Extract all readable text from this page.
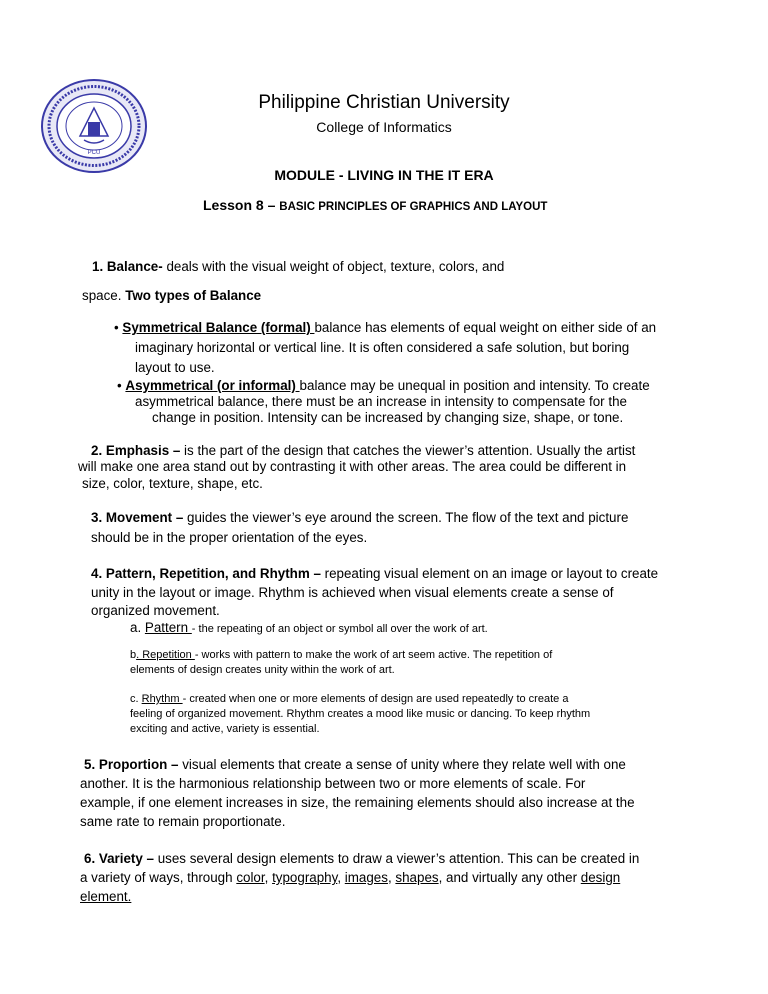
PCU
Philippine Christian University
College of Informatics
MODULE - LIVING IN THE IT ERA
Lesson 8 – BASIC PRINCIPLES OF GRAPHICS AND LAYOUT
1. Balance- deals with the visual weight of object, texture, colors, and
space. Two types of Balance
• Symmetrical Balance (formal) balance has elements of equal weight on either side of an
imaginary horizontal or vertical line. It is often considered a safe solution, but boring
layout to use.
• Asymmetrical (or informal) balance may be unequal in position and intensity. To create
asymmetrical balance, there must be an increase in intensity to compensate for the
change in position. Intensity can be increased by changing size, shape, or tone.
2. Emphasis – is the part of the design that catches the viewer’s attention. Usually the artist
will make one area stand out by contrasting it with other areas. The area could be different in
size, color, texture, shape, etc.
3. Movement – guides the viewer’s eye around the screen. The flow of the text and picture
should be in the proper orientation of the eyes.
4. Pattern, Repetition, and Rhythm – repeating visual element on an image or layout to create
unity in the layout or image. Rhythm is achieved when visual elements create a sense of
organized movement.
a. Pattern - the repeating of an object or symbol all over the work of art.
b. Repetition - works with pattern to make the work of art seem active. The repetition of
elements of design creates unity within the work of art.
c. Rhythm - created when one or more elements of design are used repeatedly to create a
feeling of organized movement. Rhythm creates a mood like music or dancing. To keep rhythm
exciting and active, variety is essential.
5. Proportion – visual elements that create a sense of unity where they relate well with one
another. It is the harmonious relationship between two or more elements of scale. For
example, if one element increases in size, the remaining elements should also increase at the
same rate to remain proportionate.
6. Variety – uses several design elements to draw a viewer’s attention. This can be created in
a variety of ways, through color, typography, images, shapes, and virtually any other design
element.
